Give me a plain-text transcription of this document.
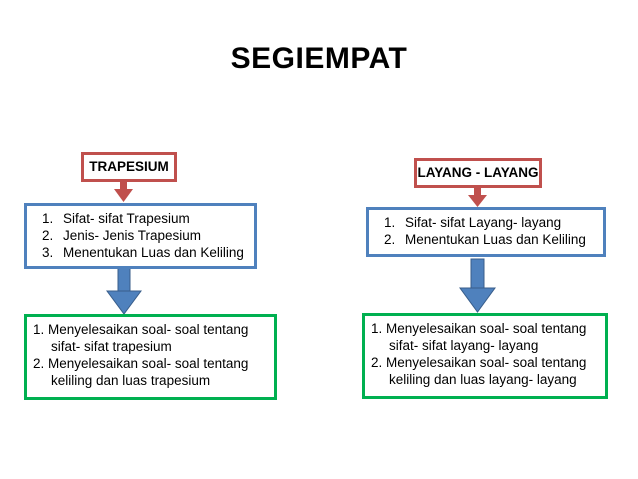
SEGIEMPAT
TRAPESIUM
1. Sifat- sifat Trapesium
2. Jenis- Jenis Trapesium
3. Menentukan Luas dan Keliling
1. Menyelesaikan soal- soal tentang
sifat- sifat trapesium
2. Menyelesaikan soal- soal tentang
keliling dan luas trapesium
LAYANG - LAYANG
1. Sifat- sifat Layang- layang
2. Menentukan Luas dan Keliling
1. Menyelesaikan soal- soal tentang
sifat- sifat layang- layang
2. Menyelesaikan soal- soal tentang
keliling dan luas layang- layang
